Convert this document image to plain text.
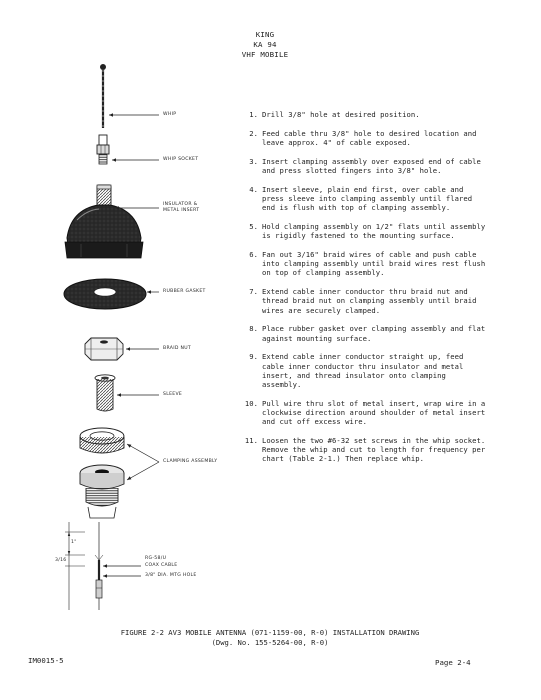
KING
KA 94
VHF MOBILE
WHIP
WHIP SOCKET
INSULATOR &
METAL INSERT
RUBBER GASKET
BRAID NUT
SLEEVE
CLAMPING ASSEMBLY
RG-58/U
COAX CABLE
3/8" DIA. MTG HOLE
1"
3/16
1. Drill 3/8" hole at desired position.
2. Feed cable thru 3/8" hole to desired location and leave approx. 4" of cable exposed.
3. Insert clamping assembly over exposed end of cable and press slotted fingers into 3/8" hole.
4. Insert sleeve, plain end first, over cable and press sleeve into clamping assembly until flared end is flush with top of clamping assembly.
5. Hold clamping assembly on 1/2" flats until assembly is rigidly fastened to the mounting surface.
6. Fan out 3/16" braid wires of cable and push cable into clamping assembly until braid wires rest flush on top of clamping assembly.
7. Extend cable inner conductor thru braid nut and thread braid nut on clamping assembly until braid wires are securely clamped.
8. Place rubber gasket over clamping assembly and flat against mounting surface.
9. Extend cable inner conductor straight up, feed cable inner conductor thru insulator and metal insert, and thread insulator onto clamping assembly.
10. Pull wire thru slot of metal insert, wrap wire in a clockwise direction around shoulder of metal insert and cut off excess wire.
11. Loosen the two #6-32 set screws in the whip socket. Remove the whip and cut to length for frequency per chart (Table 2-1.) Then replace whip.
FIGURE 2-2 AV3 MOBILE ANTENNA (071-1159-00, R-0) INSTALLATION DRAWING
(Dwg. No. 155-5264-00, R-0)
IM0015-5	Page 2-4
